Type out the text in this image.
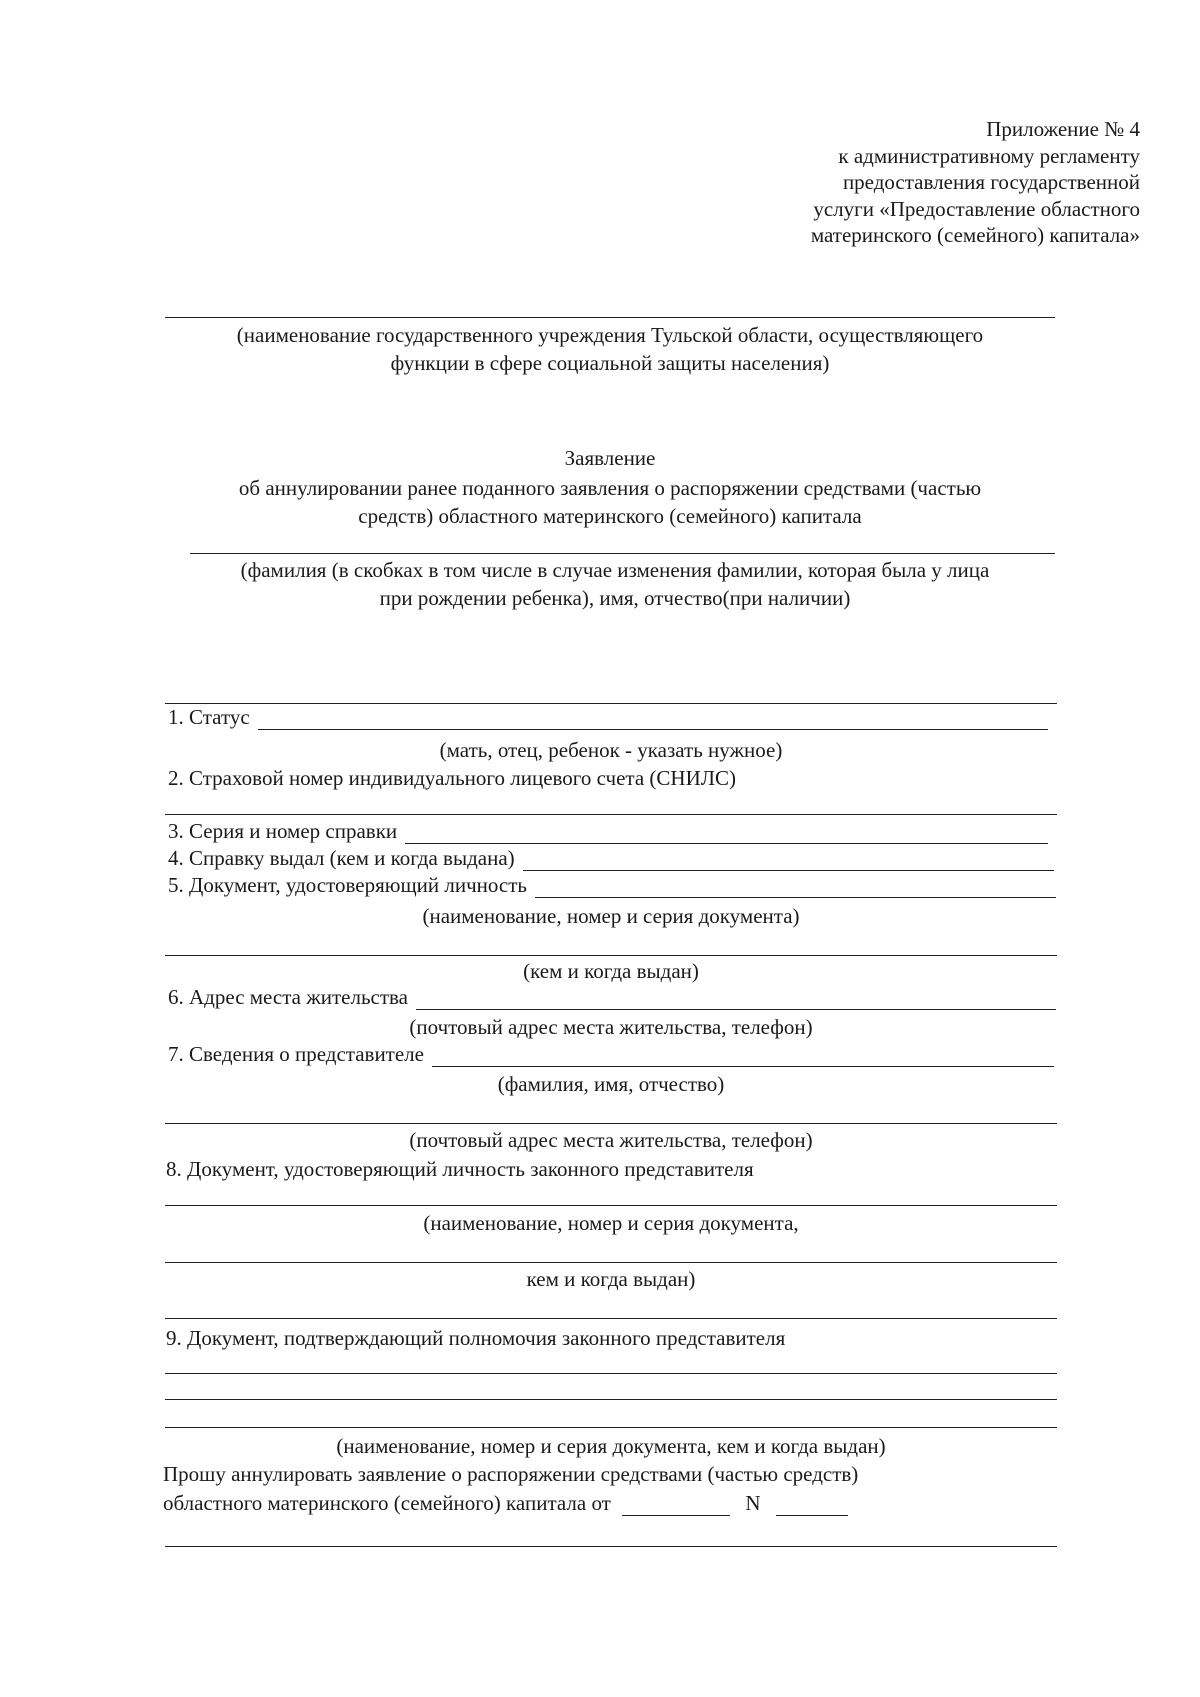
Приложение № 4
к административному регламенту
предоставления государственной
услуги «Предоставление областного
материнского (семейного) капитала»
(наименование государственного учреждения Тульской области, осуществляющего
функции в сфере социальной защиты населения)
Заявление
об аннулировании ранее поданного заявления о распоряжении средствами (частью
средств) областного материнского (семейного) капитала
(фамилия (в скобках в том числе в случае изменения фамилии, которая была у лица
при рождении ребенка), имя, отчество(при наличии)
1. Статус
(мать, отец, ребенок - указать нужное)
2. Страховой номер индивидуального лицевого счета (СНИЛС)
3. Серия и номер справки
4. Справку выдал (кем и когда выдана)
5. Документ, удостоверяющий личность
(наименование, номер и серия документа)
(кем и когда выдан)
6. Адрес места жительства
(почтовый адрес места жительства, телефон)
7. Сведения о представителе
(фамилия, имя, отчество)
(почтовый адрес места жительства, телефон)
8. Документ, удостоверяющий личность законного представителя
(наименование, номер и серия документа,
кем и когда выдан)
9. Документ, подтверждающий полномочия законного представителя
(наименование, номер и серия документа, кем и когда выдан)
Прошу аннулировать заявление о распоряжении средствами (частью средств)
областного материнского (семейного) капитала от	N
